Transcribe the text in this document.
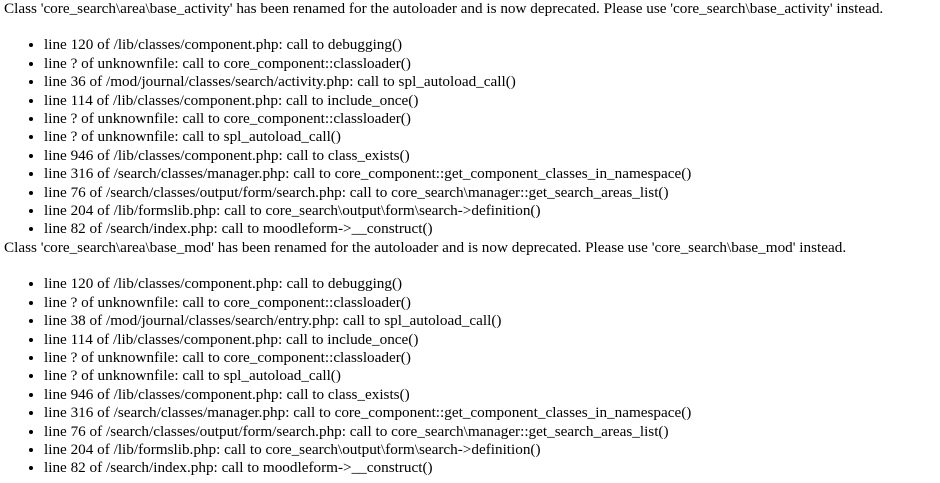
Class 'core_search\area\base_activity' has been renamed for the autoloader and is now deprecated. Please use 'core_search\base_activity' instead.
• line 120 of /lib/classes/component.php: call to debugging()
• line ? of unknownfile: call to core_component::classloader()
• line 36 of /mod/journal/classes/search/activity.php: call to spl_autoload_call()
• line 114 of /lib/classes/component.php: call to include_once()
• line ? of unknownfile: call to core_component::classloader()
• line ? of unknownfile: call to spl_autoload_call()
• line 946 of /lib/classes/component.php: call to class_exists()
• line 316 of /search/classes/manager.php: call to core_component::get_component_classes_in_namespace()
• line 76 of /search/classes/output/form/search.php: call to core_search\manager::get_search_areas_list()
• line 204 of /lib/formslib.php: call to core_search\output\form\search->definition()
• line 82 of /search/index.php: call to moodleform->__construct()
Class 'core_search\area\base_mod' has been renamed for the autoloader and is now deprecated. Please use 'core_search\base_mod' instead.
• line 120 of /lib/classes/component.php: call to debugging()
• line ? of unknownfile: call to core_component::classloader()
• line 38 of /mod/journal/classes/search/entry.php: call to spl_autoload_call()
• line 114 of /lib/classes/component.php: call to include_once()
• line ? of unknownfile: call to core_component::classloader()
• line ? of unknownfile: call to spl_autoload_call()
• line 946 of /lib/classes/component.php: call to class_exists()
• line 316 of /search/classes/manager.php: call to core_component::get_component_classes_in_namespace()
• line 76 of /search/classes/output/form/search.php: call to core_search\manager::get_search_areas_list()
• line 204 of /lib/formslib.php: call to core_search\output\form\search->definition()
• line 82 of /search/index.php: call to moodleform->__construct()
